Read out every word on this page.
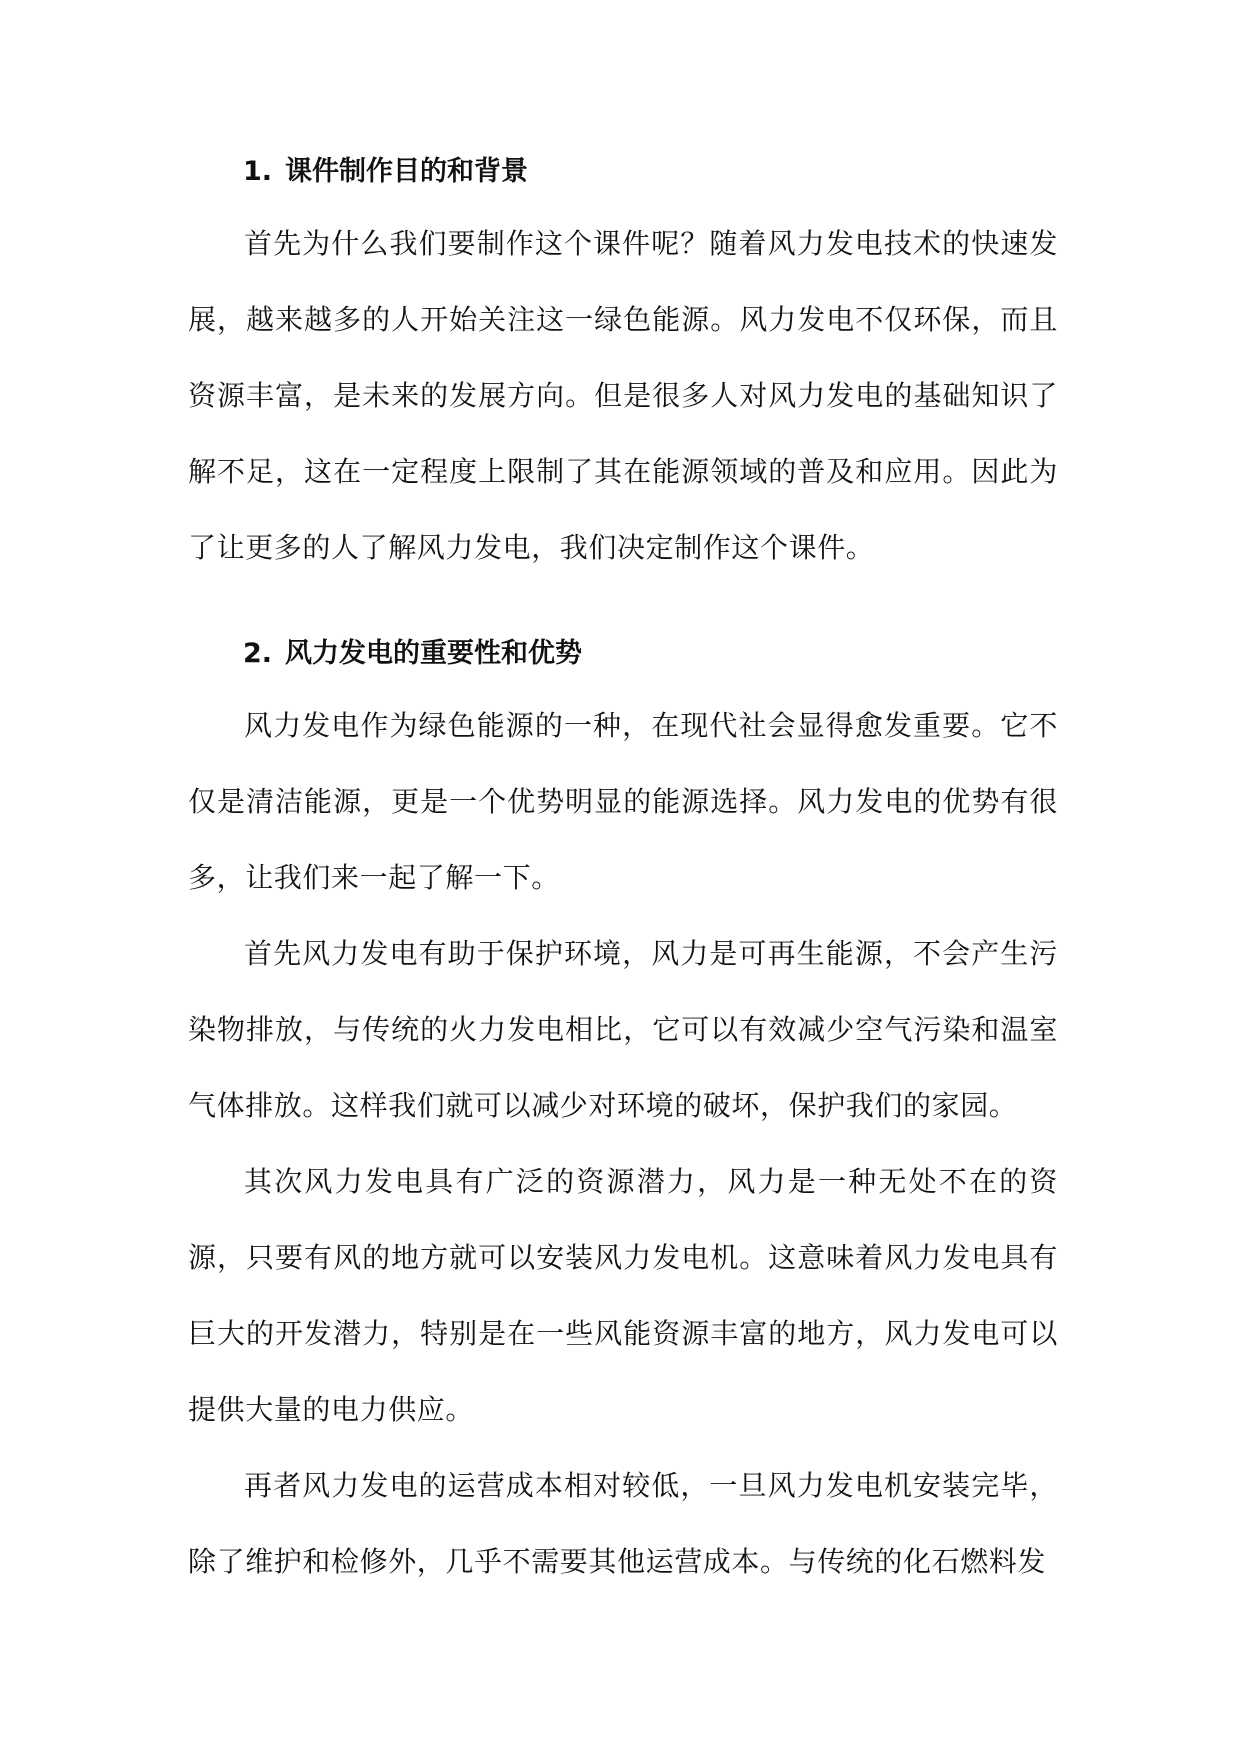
1. 课件制作目的和背景

首先为什么我们要制作这个课件呢？随着风力发电技术的快速发展，越来越多的人开始关注这一绿色能源。风力发电不仅环保，而且资源丰富，是未来的发展方向。但是很多人对风力发电的基础知识了解不足，这在一定程度上限制了其在能源领域的普及和应用。因此为了让更多的人了解风力发电，我们决定制作这个课件。

2. 风力发电的重要性和优势

风力发电作为绿色能源的一种，在现代社会显得愈发重要。它不仅是清洁能源，更是一个优势明显的能源选择。风力发电的优势有很多，让我们来一起了解一下。

首先风力发电有助于保护环境，风力是可再生能源，不会产生污染物排放，与传统的火力发电相比，它可以有效减少空气污染和温室气体排放。这样我们就可以减少对环境的破坏，保护我们的家园。

其次风力发电具有广泛的资源潜力，风力是一种无处不在的资源，只要有风的地方就可以安装风力发电机。这意味着风力发电具有巨大的开发潜力，特别是在一些风能资源丰富的地方，风力发电可以提供大量的电力供应。

再者风力发电的运营成本相对较低，一旦风力发电机安装完毕，除了维护和检修外，几乎不需要其他运营成本。与传统的化石燃料发
